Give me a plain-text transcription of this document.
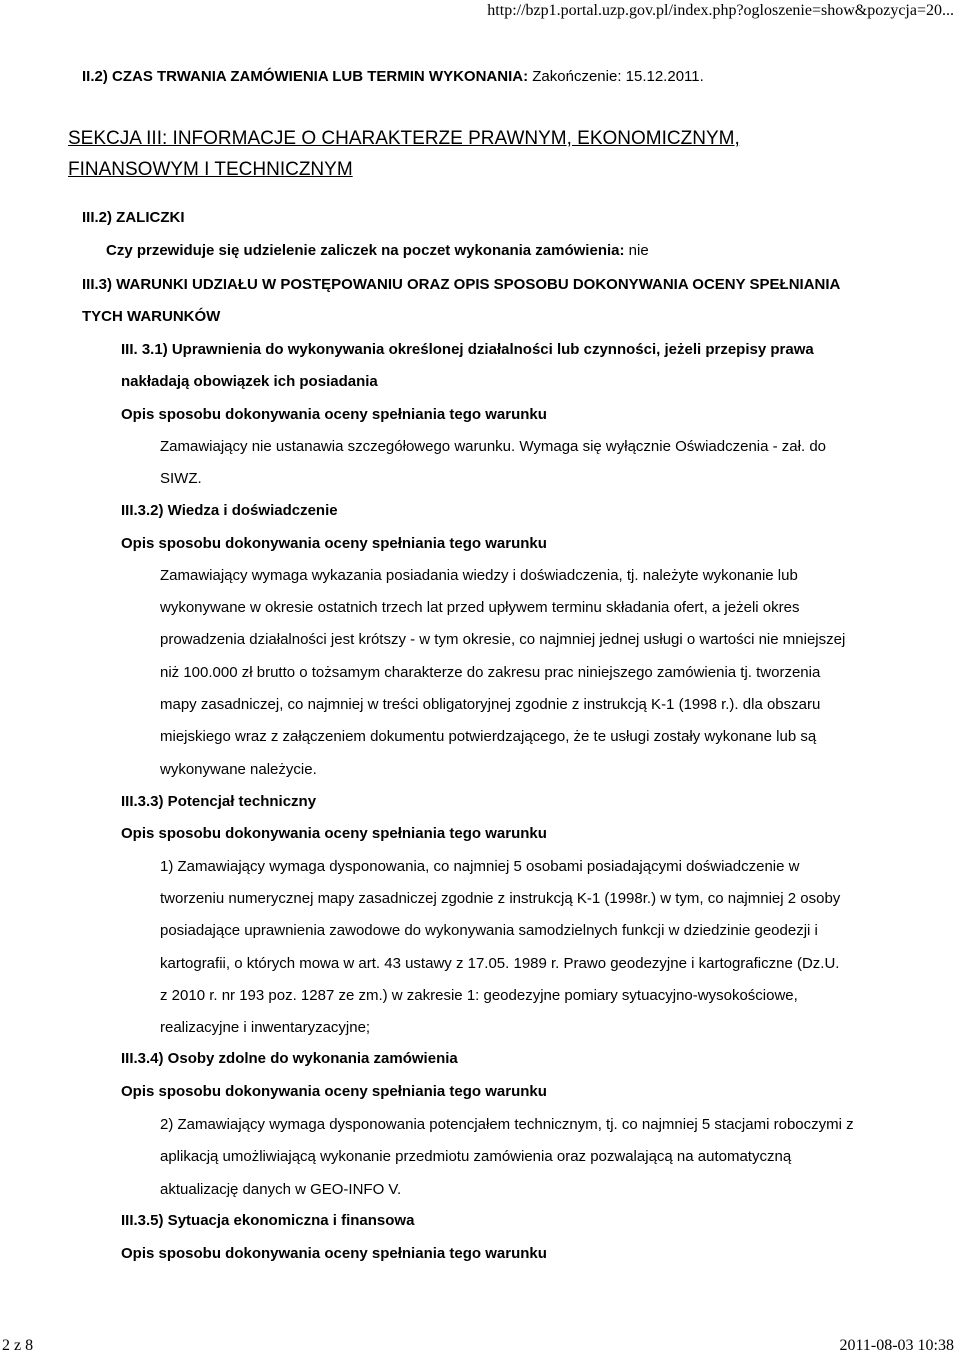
http://bzp1.portal.uzp.gov.pl/index.php?ogloszenie=show&pozycja=20...
II.2) CZAS TRWANIA ZAMÓWIENIA LUB TERMIN WYKONANIA: Zakończenie: 15.12.2011.
SEKCJA III: INFORMACJE O CHARAKTERZE PRAWNYM, EKONOMICZNYM,
FINANSOWYM I TECHNICZNYM
III.2) ZALICZKI
Czy przewiduje się udzielenie zaliczek na poczet wykonania zamówienia: nie
III.3) WARUNKI UDZIAŁU W POSTĘPOWANIU ORAZ OPIS SPOSOBU DOKONYWANIA OCENY SPEŁNIANIA
TYCH WARUNKÓW
III. 3.1) Uprawnienia do wykonywania określonej działalności lub czynności, jeżeli przepisy prawa
nakładają obowiązek ich posiadania
Opis sposobu dokonywania oceny spełniania tego warunku
Zamawiający nie ustanawia szczegółowego warunku. Wymaga się wyłącznie Oświadczenia - zał. do
SIWZ.
III.3.2) Wiedza i doświadczenie
Opis sposobu dokonywania oceny spełniania tego warunku
Zamawiający wymaga wykazania posiadania wiedzy i doświadczenia, tj. należyte wykonanie lub
wykonywane w okresie ostatnich trzech lat przed upływem terminu składania ofert, a jeżeli okres
prowadzenia działalności jest krótszy - w tym okresie, co najmniej jednej usługi o wartości nie mniejszej
niż 100.000 zł brutto o tożsamym charakterze do zakresu prac niniejszego zamówienia tj. tworzenia
mapy zasadniczej, co najmniej w treści obligatoryjnej zgodnie z instrukcją K-1 (1998 r.). dla obszaru
miejskiego wraz z załączeniem dokumentu potwierdzającego, że te usługi zostały wykonane lub są
wykonywane należycie.
III.3.3) Potencjał techniczny
Opis sposobu dokonywania oceny spełniania tego warunku
1) Zamawiający wymaga dysponowania, co najmniej 5 osobami posiadającymi doświadczenie w
tworzeniu numerycznej mapy zasadniczej zgodnie z instrukcją K-1 (1998r.) w tym, co najmniej 2 osoby
posiadające uprawnienia zawodowe do wykonywania samodzielnych funkcji w dziedzinie geodezji i
kartografii, o których mowa w art. 43 ustawy z 17.05. 1989 r. Prawo geodezyjne i kartograficzne (Dz.U.
z 2010 r. nr 193 poz. 1287 ze zm.) w zakresie 1: geodezyjne pomiary sytuacyjno-wysokościowe,
realizacyjne i inwentaryzacyjne;
III.3.4) Osoby zdolne do wykonania zamówienia
Opis sposobu dokonywania oceny spełniania tego warunku
2) Zamawiający wymaga dysponowania potencjałem technicznym, tj. co najmniej 5 stacjami roboczymi z
aplikacją umożliwiającą wykonanie przedmiotu zamówienia oraz pozwalającą na automatyczną
aktualizację danych w GEO-INFO V.
III.3.5) Sytuacja ekonomiczna i finansowa
Opis sposobu dokonywania oceny spełniania tego warunku
2 z 8	2011-08-03 10:38
